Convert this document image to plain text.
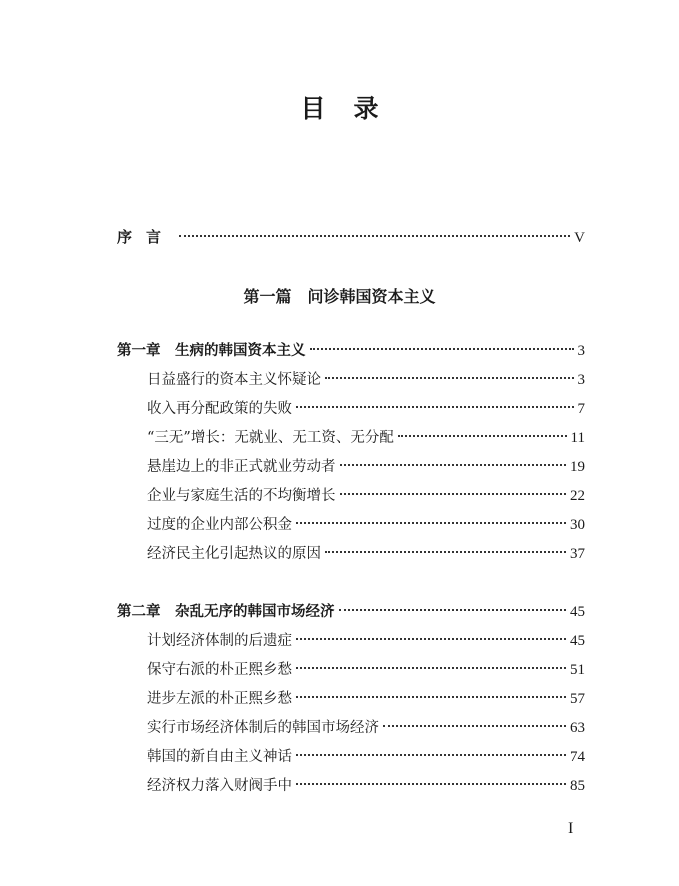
目录
序言	V
第一篇　问诊韩国资本主义
第一章　生病的韩国资本主义	3
日益盛行的资本主义怀疑论	3
收入再分配政策的失败	7
“三无”增长：无就业、无工资、无分配	11
悬崖边上的非正式就业劳动者	19
企业与家庭生活的不均衡增长	22
过度的企业内部公积金	30
经济民主化引起热议的原因	37
第二章　杂乱无序的韩国市场经济	45
计划经济体制的后遗症	45
保守右派的朴正熙乡愁	51
进步左派的朴正熙乡愁	57
实行市场经济体制后的韩国市场经济	63
韩国的新自由主义神话	74
经济权力落入财阀手中	85
I
